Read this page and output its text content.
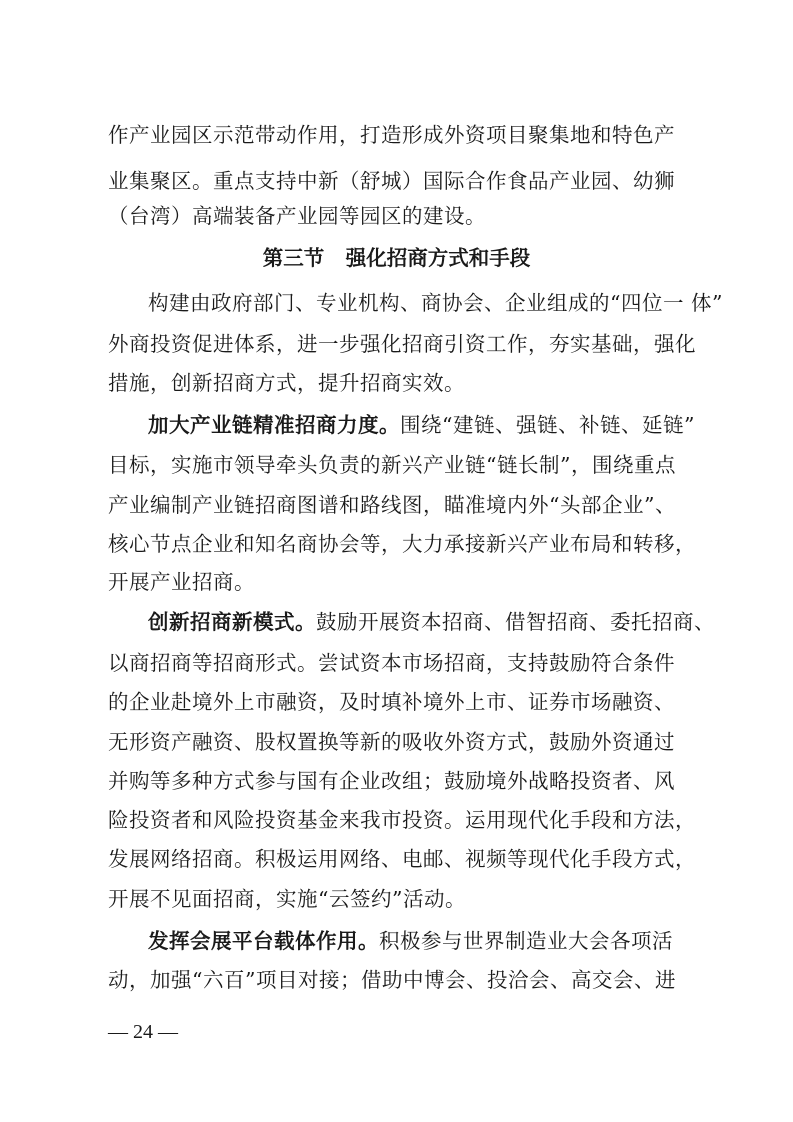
作产业园区示范带动作用，打造形成外资项目聚集地和特色产
业集聚区。重点支持中新（舒城）国际合作食品产业园、幼狮
（台湾）高端装备产业园等园区的建设。
第三节   强化招商方式和手段
构建由政府部门、专业机构、商协会、企业组成的“四位一 体”
外商投资促进体系，进一步强化招商引资工作，夯实基础，强化
措施，创新招商方式，提升招商实效。
加大产业链精准招商力度。围绕“建链、强链、补链、延链”
目标，实施市领导牵头负责的新兴产业链“链长制”，围绕重点
产业编制产业链招商图谱和路线图，瞄准境内外“头部企业”、
核心节点企业和知名商协会等，大力承接新兴产业布局和转移，
开展产业招商。
创新招商新模式。鼓励开展资本招商、借智招商、委托招商、
以商招商等招商形式。尝试资本市场招商，支持鼓励符合条件
的企业赴境外上市融资，及时填补境外上市、证券市场融资、
无形资产融资、股权置换等新的吸收外资方式，鼓励外资通过
并购等多种方式参与国有企业改组；鼓励境外战略投资者、风
险投资者和风险投资基金来我市投资。运用现代化手段和方法，
发展网络招商。积极运用网络、电邮、视频等现代化手段方式，
开展不见面招商，实施“云签约”活动。
发挥会展平台载体作用。积极参与世界制造业大会各项活
动，加强“六百”项目对接；借助中博会、投洽会、高交会、进
— 24 —
